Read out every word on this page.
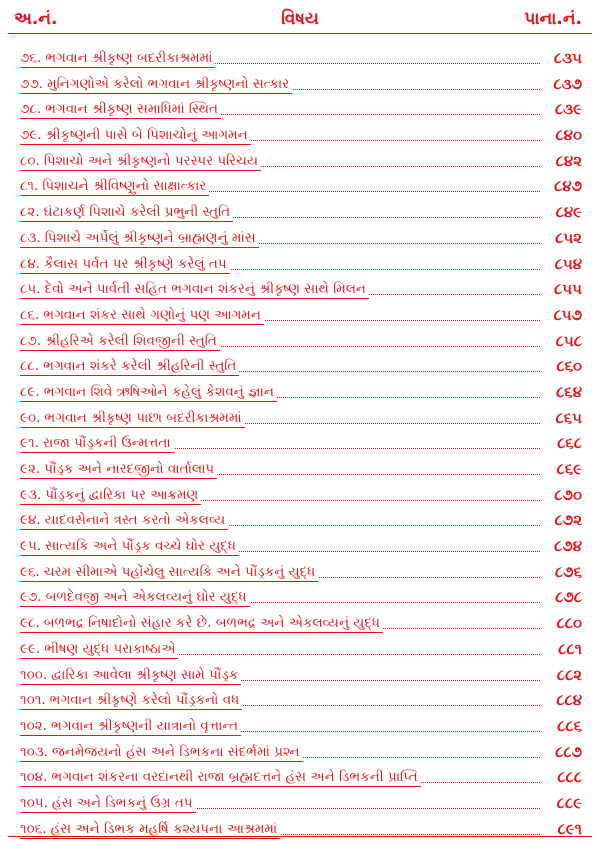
અ.નં.	વિષય	પાના.નં.
૭૬. ભગવાન શ્રીકૃષ્ણ બદરીકાશ્રમમાં	૮૩૫
૭૭. મુનિગણોએ કરેલો ભગવાન શ્રીકૃષ્ણનો સત્કાર	૮૩૭
૭૮. ભગવાન શ્રીકૃષ્ણ સમાધિમાં સ્થિત	૮૩૯
૭૯. શ્રીકૃષ્ણની પાસે બે પિશાચોનું આગમન	૮૪૦
૮૦. પિશાચો અને શ્રીકૃષ્ણનો પરસ્પર પરિચય	૮૪૨
૮૧. પિશાચને શ્રીવિષ્ણુનો સાક્ષાત્કાર	૮૪૭
૮૨. ઘંટાકર્ણ પિશાચે કરેલી પ્રભુની સ્તુતિ	૮૪૯
૮૩. પિશાચે અર્પેલું શ્રીકૃષ્ણને બ્રાહ્મણનું માંસ	૮૫૨
૮૪. કૈલાસ પર્વત પર શ્રીકૃષ્ણે કરેલું તપ	૮૫૪
૮૫. દેવો અને પાર્વતી સહિત ભગવાન શંકરનું શ્રીકૃષ્ણ સાથે મિલન	૮૫૫
૮૬. ભગવાન શંકર સાથે ગણોનું પણ આગમન	૮૫૭
૮૭. શ્રીહરિએ કરેલી શિવજીની સ્તુતિ	૮૫૮
૮૮. ભગવાન શંકરે કરેલી શ્રીહરિની સ્તુતિ	૮૬૦
૮૯. ભગવાન શિવે ઋષિઓને કહેલું કેશવનું જ્ઞાન	૮૬૪
૯૦. ભગવાન શ્રીકૃષ્ણ પાછા બદરીકાશ્રમમાં	૮૬૫
૯૧. રાજા પૌંડ્રકની ઉન્મત્તતા	૮૬૮
૯૨. પૌંડ્રક અને નારદજીનો વાર્તાલાપ	૮૬૯
૯૩. પૌંડ્રકનું દ્વારિકા પર આક્રમણ	૮૭૦
૯૪. યાદવસેનાને ત્રસ્ત કરતો એકલવ્ય	૮૭૨
૯૫. સાત્યકિ અને પૌંડ્રક વચ્ચે ઘોર યુદ્ધ	૮૭૪
૯૬. ચરમ સીમાએ પહોંચેલુ સાત્યકિ અને પૌંડ્રકનું યુદ્ધ	૮૭૬
૯૭. બળદેવજી અને એકલવ્યનું ઘોર યુદ્ધ	૮૭૮
૯૮. બળભદ્ર નિષાદોનો સંહાર કરે છે. બળભદ્ર અને એકલવ્યનું યુદ્ધ	૮૮૦
૯૯. ભીષણ યુદ્ધ પરાકાષ્ઠાએ	૮૮૧
૧૦૦. દ્વારિકા આવેલા શ્રીકૃષ્ણ સામે પૌંડ્રક	૮૮૨
૧૦૧. ભગવાન શ્રીકૃષ્ણે કરેલો પૌંડ્રકનો વધ	૮૮૪
૧૦૨. ભગવાન શ્રીકૃષ્ણની યાત્રાનો વૃત્તાન્ત	૮૮૬
૧૦૩. જનમેજયનો હંસ અને ડિભકના સંદર્ભમાં પ્રશ્ન	૮૮૭
૧૦૪. ભગવાન શંકરના વરદાનથી રાજા બ્રહ્મદત્તને હંસ અને ડિભકની પ્રાપ્તિ	૮૮૮
૧૦૫. હંસ અને ડિભકનું ઉગ્ર તપ	૮૮૯
૧૦૬. હંસ અને ડિભક મહર્ષિ કશ્યપના આશ્રમમાં	૮૯૧
